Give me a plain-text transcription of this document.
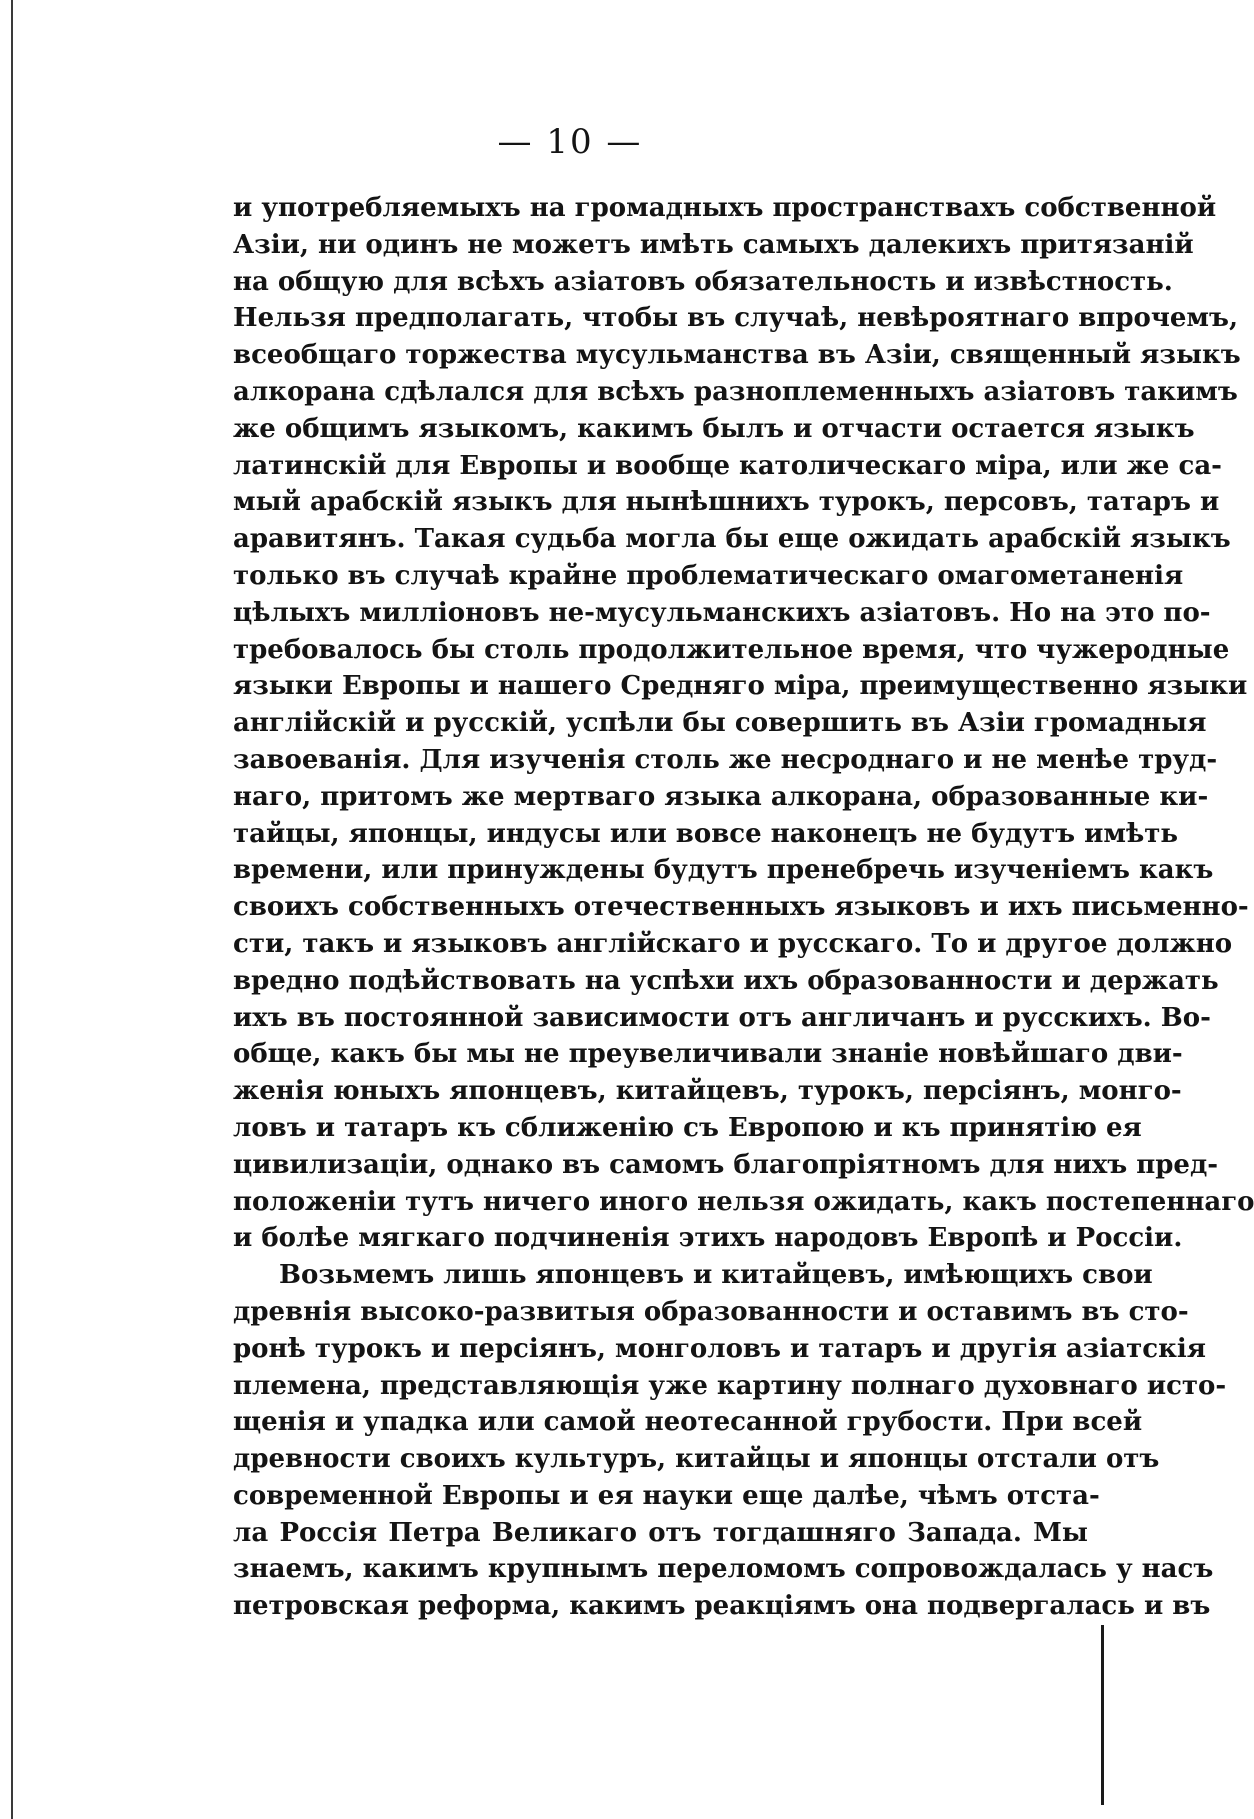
— 10 —
и употребляемыхъ на громадныхъ пространствахъ собственной
Азіи, ни одинъ не можетъ имѣть самыхъ далекихъ притязаній
на общую для всѣхъ азіатовъ обязательность и извѣстность.
Нельзя предполагать, чтобы въ случаѣ, невѣроятнаго впрочемъ,
всеобщаго торжества мусульманства въ Азіи, священный языкъ
алкорана сдѣлался для всѣхъ разноплеменныхъ азіатовъ такимъ
же общимъ языкомъ, какимъ былъ и отчасти остается языкъ
латинскій для Европы и вообще католическаго міра, или же са-
мый арабскій языкъ для нынѣшнихъ турокъ, персовъ, татаръ и
аравитянъ. Такая судьба могла бы еще ожидать арабскій языкъ
только въ случаѣ крайне проблематическаго омагометаненія
цѣлыхъ милліоновъ не-мусульманскихъ азіатовъ. Но на это по-
требовалось бы столь продолжительное время, что чужеродные
языки Европы и нашего Средняго міра, преимущественно языки
англійскій и русскій, успѣли бы совершить въ Азіи громадныя
завоеванія. Для изученія столь же несроднаго и не менѣе труд-
наго, притомъ же мертваго языка алкорана, образованные ки-
тайцы, японцы, индусы или вовсе наконецъ не будутъ имѣть
времени, или принуждены будутъ пренебречь изученіемъ какъ
своихъ собственныхъ отечественныхъ языковъ и ихъ письменно-
сти, такъ и языковъ англійскаго и русскаго. То и другое должно
вредно подѣйствовать на успѣхи ихъ образованности и держать
ихъ въ постоянной зависимости отъ англичанъ и русскихъ. Во-
обще, какъ бы мы не преувеличивали знаніе новѣйшаго дви-
женія юныхъ японцевъ, китайцевъ, турокъ, персіянъ, монго-
ловъ и татаръ къ сближенію съ Европою и къ принятію ея
цивилизаціи, однако въ самомъ благопріятномъ для нихъ пред-
положеніи тутъ ничего иного нельзя ожидать, какъ постепеннаго
и болѣе мягкаго подчиненія этихъ народовъ Европѣ и Россіи.
Возьмемъ лишь японцевъ и китайцевъ, имѣющихъ свои
древнія высоко-развитыя образованности и оставимъ въ сто-
ронѣ турокъ и персіянъ, монголовъ и татаръ и другія азіатскія
племена, представляющія уже картину полнаго духовнаго исто-
щенія и упадка или самой неотесанной грубости. При всей
древности своихъ культуръ, китайцы и японцы отстали отъ
современной Европы и ея науки еще далѣе, чѣмъ отста-
ла Россія Петра Великаго отъ тогдашняго Запада. Мы
знаемъ, какимъ крупнымъ переломомъ сопровождалась у насъ
петровская реформа, какимъ реакціямъ она подвергалась и въ
